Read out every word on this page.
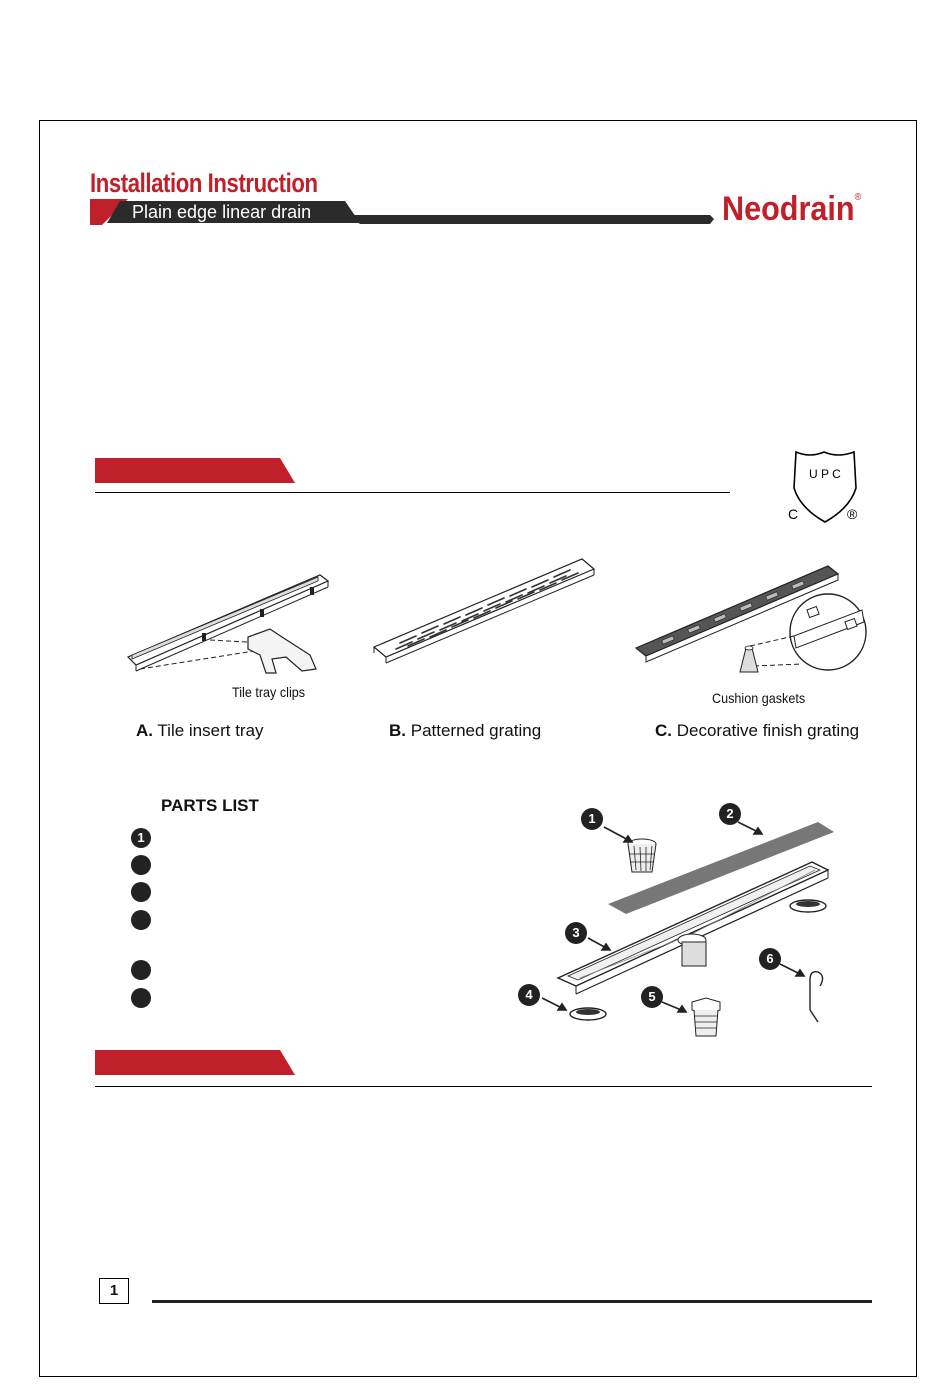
Installation Instruction
Plain edge linear drain	Neodrain®
U P C
C	®
Tile tray clips	Cushion gaskets
A. Tile insert tray	B. Patterned grating	C. Decorative finish grating
PARTS LIST
1
1	2
3
4	5
6
1
